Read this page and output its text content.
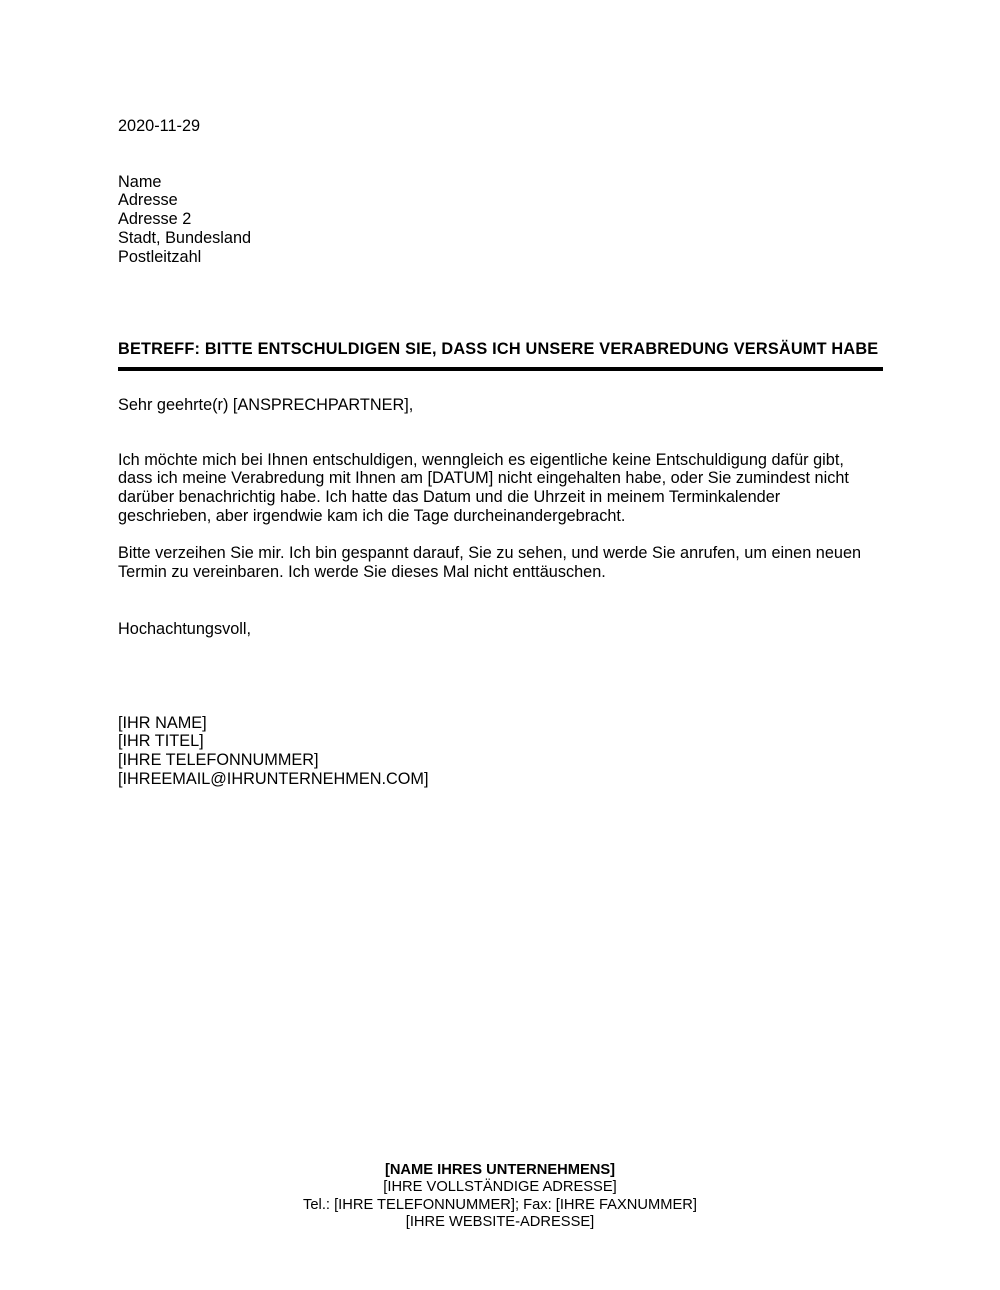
2020-11-29
Name
Adresse
Adresse 2
Stadt, Bundesland
Postleitzahl
BETREFF: BITTE ENTSCHULDIGEN SIE, DASS ICH UNSERE VERABREDUNG VERSÄUMT HABE
Sehr geehrte(r) [ANSPRECHPARTNER],
Ich möchte mich bei Ihnen entschuldigen, wenngleich es eigentliche keine Entschuldigung dafür gibt,
dass ich meine Verabredung mit Ihnen am [DATUM] nicht eingehalten habe, oder Sie zumindest nicht
darüber benachrichtig habe. Ich hatte das Datum und die Uhrzeit in meinem Terminkalender
geschrieben, aber irgendwie kam ich die Tage durcheinandergebracht.
Bitte verzeihen Sie mir. Ich bin gespannt darauf, Sie zu sehen, und werde Sie anrufen, um einen neuen
Termin zu vereinbaren. Ich werde Sie dieses Mal nicht enttäuschen.
Hochachtungsvoll,
[IHR NAME]
[IHR TITEL]
[IHRE TELEFONNUMMER]
[IHREEMAIL@IHRUNTERNEHMEN.COM]
[NAME IHRES UNTERNEHMENS]
[IHRE VOLLSTÄNDIGE ADRESSE]
Tel.: [IHRE TELEFONNUMMER]; Fax: [IHRE FAXNUMMER]
[IHRE WEBSITE-ADRESSE]
